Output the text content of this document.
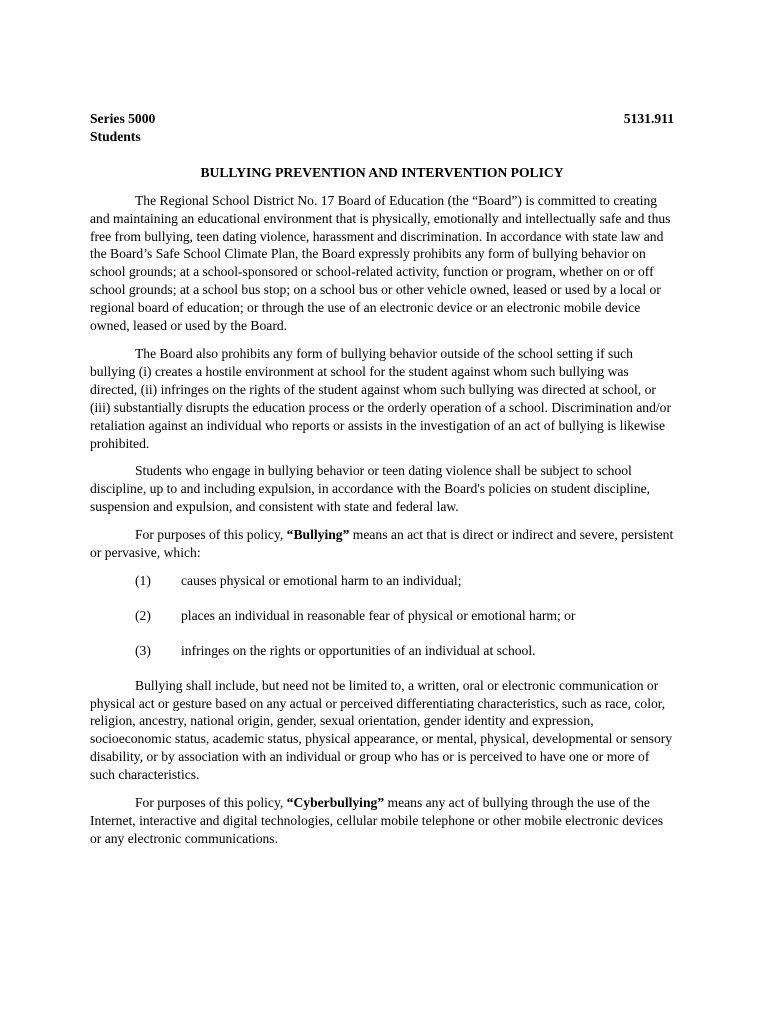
Series 5000	5131.911
Students
BULLYING PREVENTION AND INTERVENTION POLICY

The Regional School District No. 17 Board of Education (the “Board”) is committed to creating and maintaining an educational environment that is physically, emotionally and intellectually safe and thus free from bullying, teen dating violence, harassment and discrimination. In accordance with state law and the Board’s Safe School Climate Plan, the Board expressly prohibits any form of bullying behavior on school grounds; at a school-sponsored or school-related activity, function or program, whether on or off school grounds; at a school bus stop; on a school bus or other vehicle owned, leased or used by a local or regional board of education; or through the use of an electronic device or an electronic mobile device owned, leased or used by the Board.

The Board also prohibits any form of bullying behavior outside of the school setting if such bullying (i) creates a hostile environment at school for the student against whom such bullying was directed, (ii) infringes on the rights of the student against whom such bullying was directed at school, or (iii) substantially disrupts the education process or the orderly operation of a school. Discrimination and/or retaliation against an individual who reports or assists in the investigation of an act of bullying is likewise prohibited.

Students who engage in bullying behavior or teen dating violence shall be subject to school discipline, up to and including expulsion, in accordance with the Board's policies on student discipline, suspension and expulsion, and consistent with state and federal law.

For purposes of this policy, “Bullying” means an act that is direct or indirect and severe, persistent or pervasive, which:

(1)	causes physical or emotional harm to an individual;
(2)	places an individual in reasonable fear of physical or emotional harm; or
(3)	infringes on the rights or opportunities of an individual at school.

Bullying shall include, but need not be limited to, a written, oral or electronic communication or physical act or gesture based on any actual or perceived differentiating characteristics, such as race, color, religion, ancestry, national origin, gender, sexual orientation, gender identity and expression, socioeconomic status, academic status, physical appearance, or mental, physical, developmental or sensory disability, or by association with an individual or group who has or is perceived to have one or more of such characteristics.

For purposes of this policy, “Cyberbullying” means any act of bullying through the use of the Internet, interactive and digital technologies, cellular mobile telephone or other mobile electronic devices or any electronic communications.
